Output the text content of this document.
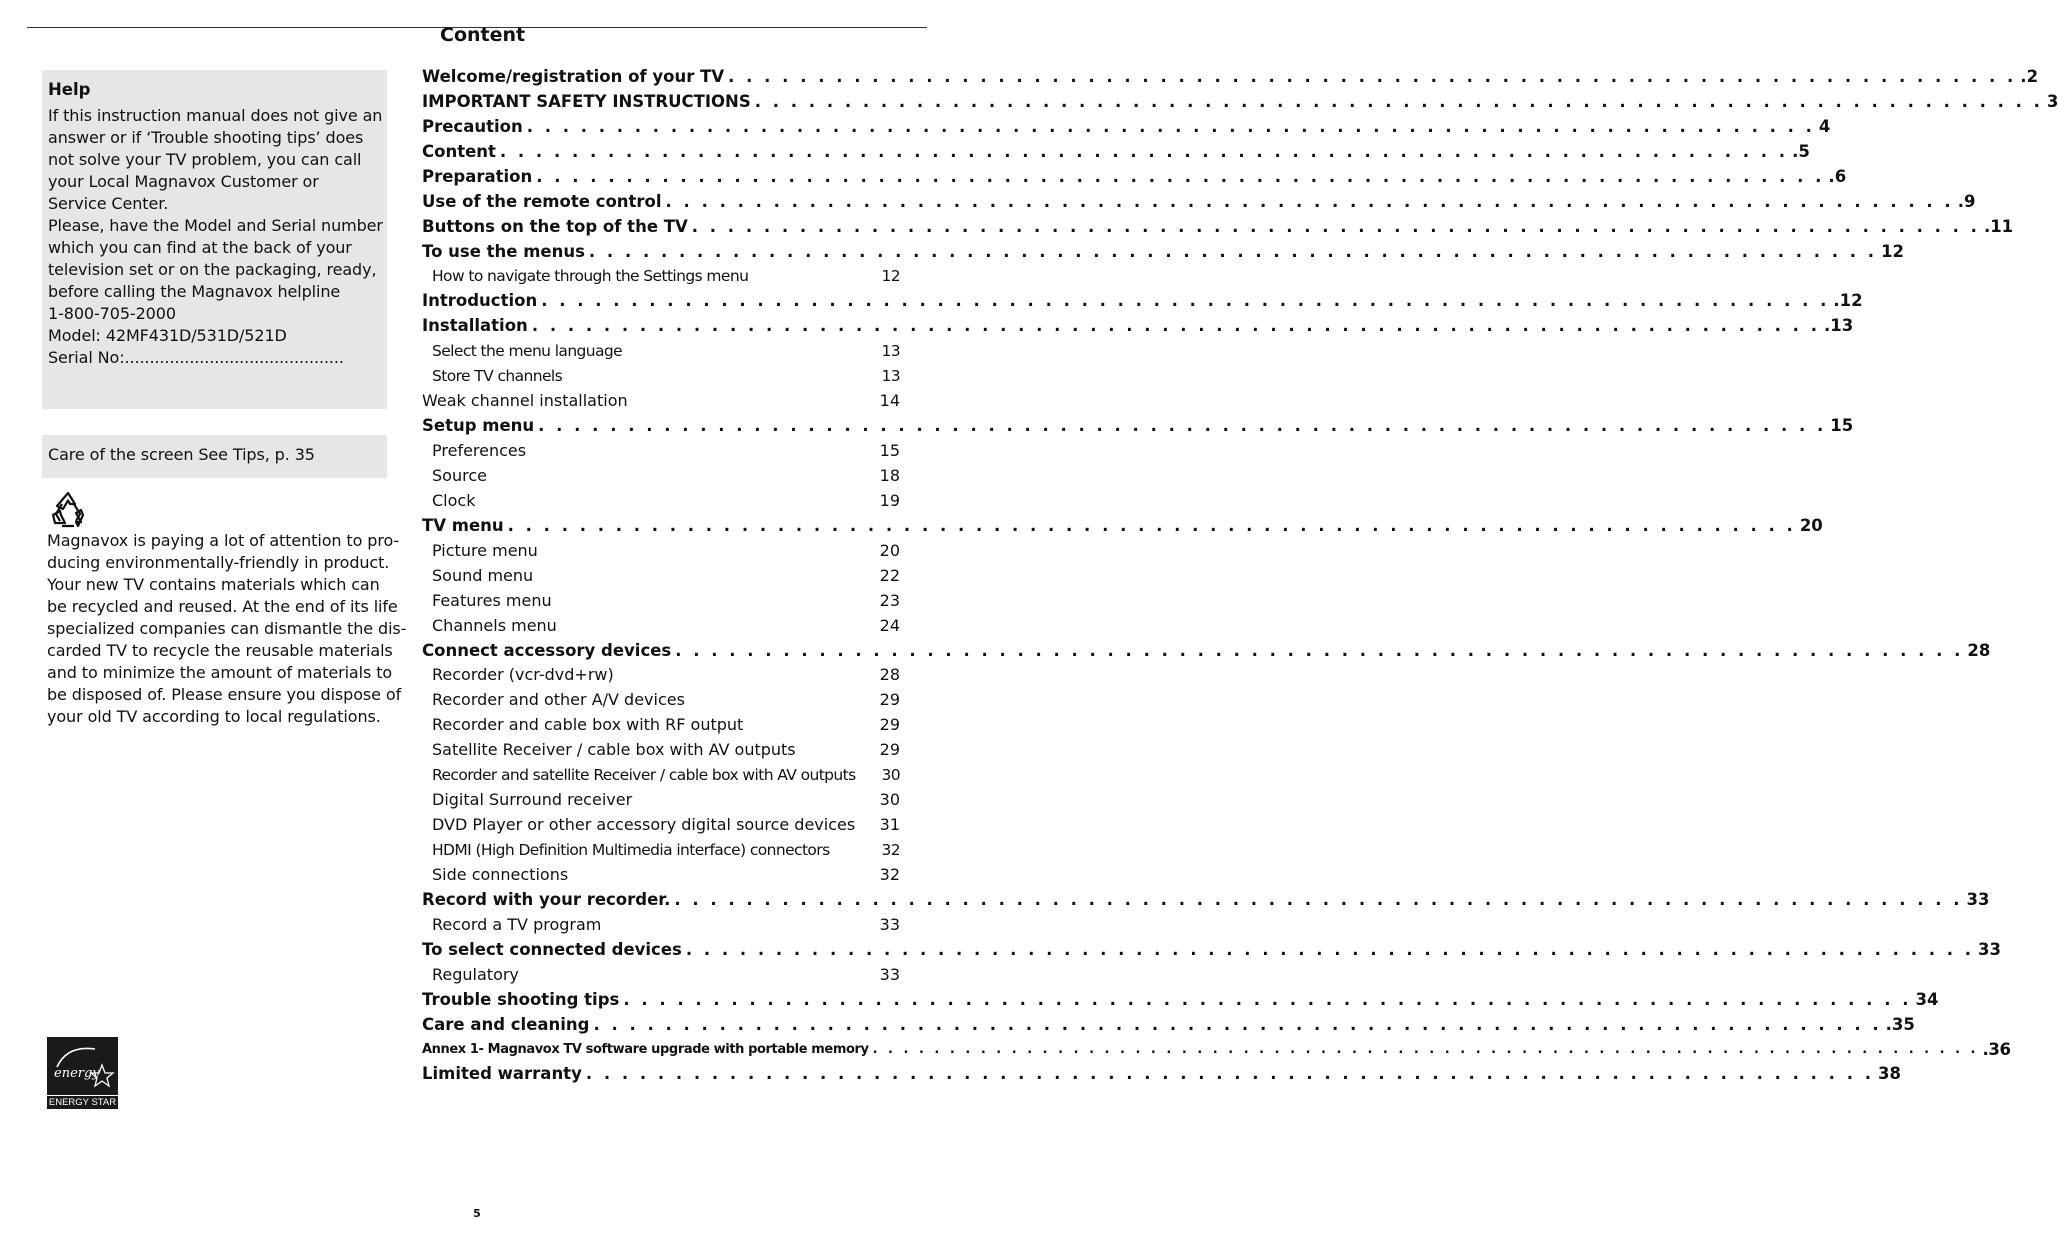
Content
Help
If this instruction manual does not give an
answer or if ‘Trouble shooting tips’ does
not solve your TV problem, you can call
your Local Magnavox Customer or
Service Center.
Please, have the Model and Serial number
which you can find at the back of your
television set or on the packaging, ready,
before calling the Magnavox helpline
1-800-705-2000
Model: 42MF431D/531D/521D
Serial No:............................................
Care of the screen See Tips, p. 35
Magnavox is paying a lot of attention to pro-
ducing environmentally-friendly in product.
Your new TV contains materials which can
be recycled and reused. At the end of its life
specialized companies can dismantle the dis-
carded TV to recycle the reusable materials
and to minimize the amount of materials to
be disposed of. Please ensure you dispose of
your old TV according to local regulations.
energy
ENERGY STAR
Welcome/registration of your TV . . .	.2
IMPORTANT SAFETY INSTRUCTIONS . . .	3
Precaution . . .	4
Content . . .	.5
Preparation . . .	.6
Use of the remote control . . .	.9
Buttons on the top of the TV . . .	.11
To use the menus . . .	12
How to navigate through the Settings menu	12
Introduction . . .	.12
Installation . . .	.13
Select the menu language	13
Store TV channels	13
Weak channel installation	14
Setup menu . . .	15
Preferences	15
Source	18
Clock	19
TV menu . . .	20
Picture menu	20
Sound menu	22
Features menu	23
Channels menu	24
Connect accessory devices . . .	28
Recorder (vcr-dvd+rw)	28
Recorder and other A/V devices	29
Recorder and cable box with RF output	29
Satellite Receiver / cable box with AV outputs	29
Recorder and satellite Receiver / cable box with AV outputs 30
Digital Surround receiver	30
DVD Player or other accessory digital source devices 31
HDMI (High Definition Multimedia interface) connectors	32
Side connections	32
Record with your recorder. . . .	33
Record a TV program	33
To select connected devices . . .	33
Regulatory	33
Trouble shooting tips . . .	34
Care and cleaning . . .	.35
Annex 1- Magnavox TV software upgrade with portable memory . . .	.36
Limited warranty . . .	38
5
